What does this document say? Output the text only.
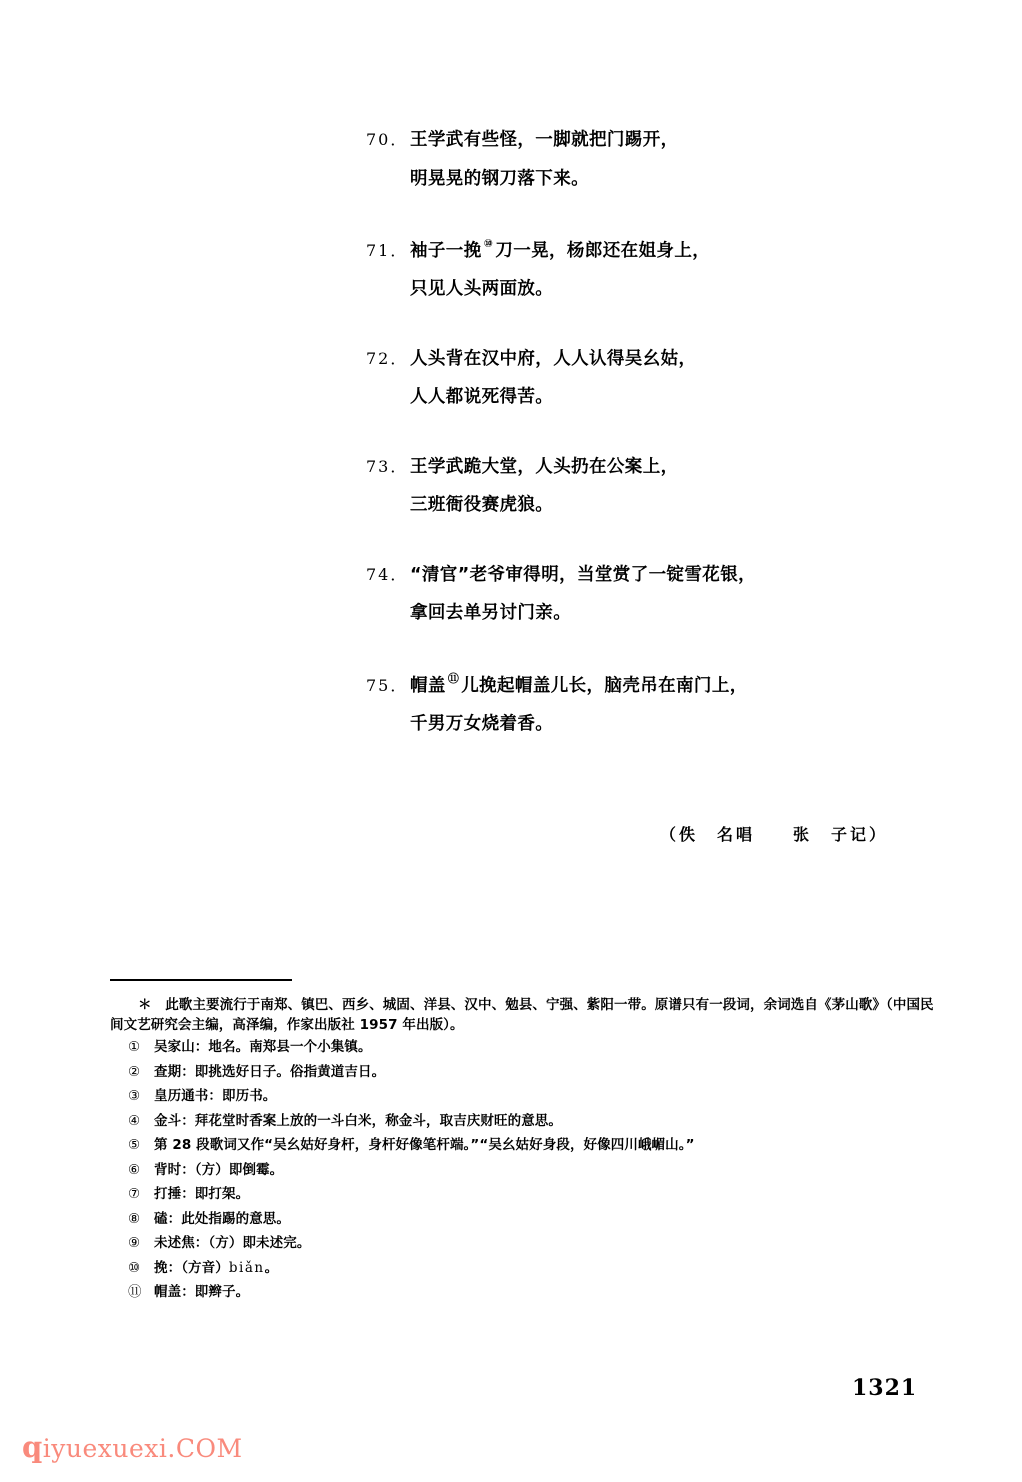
70． 王学武有些怪，一脚就把门踢开，
明晃晃的钢刀落下来。
71． 袖子一挽 ⑩ 刀一晃，杨郎还在姐身上，
只见人头两面放。
72． 人头背在汉中府，人人认得吴幺姑，
人人都说死得苦。
73． 王学武跪大堂，人头扔在公案上，
三班衙役赛虎狼。
74． “清官”老爷审得明，当堂赏了一锭雪花银，
拿回去单另讨门亲。
75． 帽盖 ⑪ 儿挽起帽盖儿长，脑壳吊在南门上，
千男万女烧着香。
（佚　名唱　　张　子记）
＊　此歌主要流行于南郑、镇巴、西乡、城固、洋县、汉中、勉县、宁强、紫阳一带。原谱只有一段词，余词选自《茅山歌》（中国民间文艺研究会主编，高泽编，作家出版社 1957 年出版）。
①	吴家山：地名。南郑县一个小集镇。
②	查期：即挑选好日子。俗指黄道吉日。
③	皇历通书：即历书。
④	金斗：拜花堂时香案上放的一斗白米，称金斗，取吉庆财旺的意思。
⑤	第 28 段歌词又作“吴幺姑好身杆，身杆好像笔杆端。”“吴幺姑好身段，好像四川峨嵋山。”
⑥	背时：（方）即倒霉。
⑦	打捶：即打架。
⑧	磕：此处指踢的意思。
⑨	未述焦：（方）即未述完。
⑩	挽：（方音）biǎn。
⑪ 帽盖：即辫子。
1321
qiyuexuexi.COM
